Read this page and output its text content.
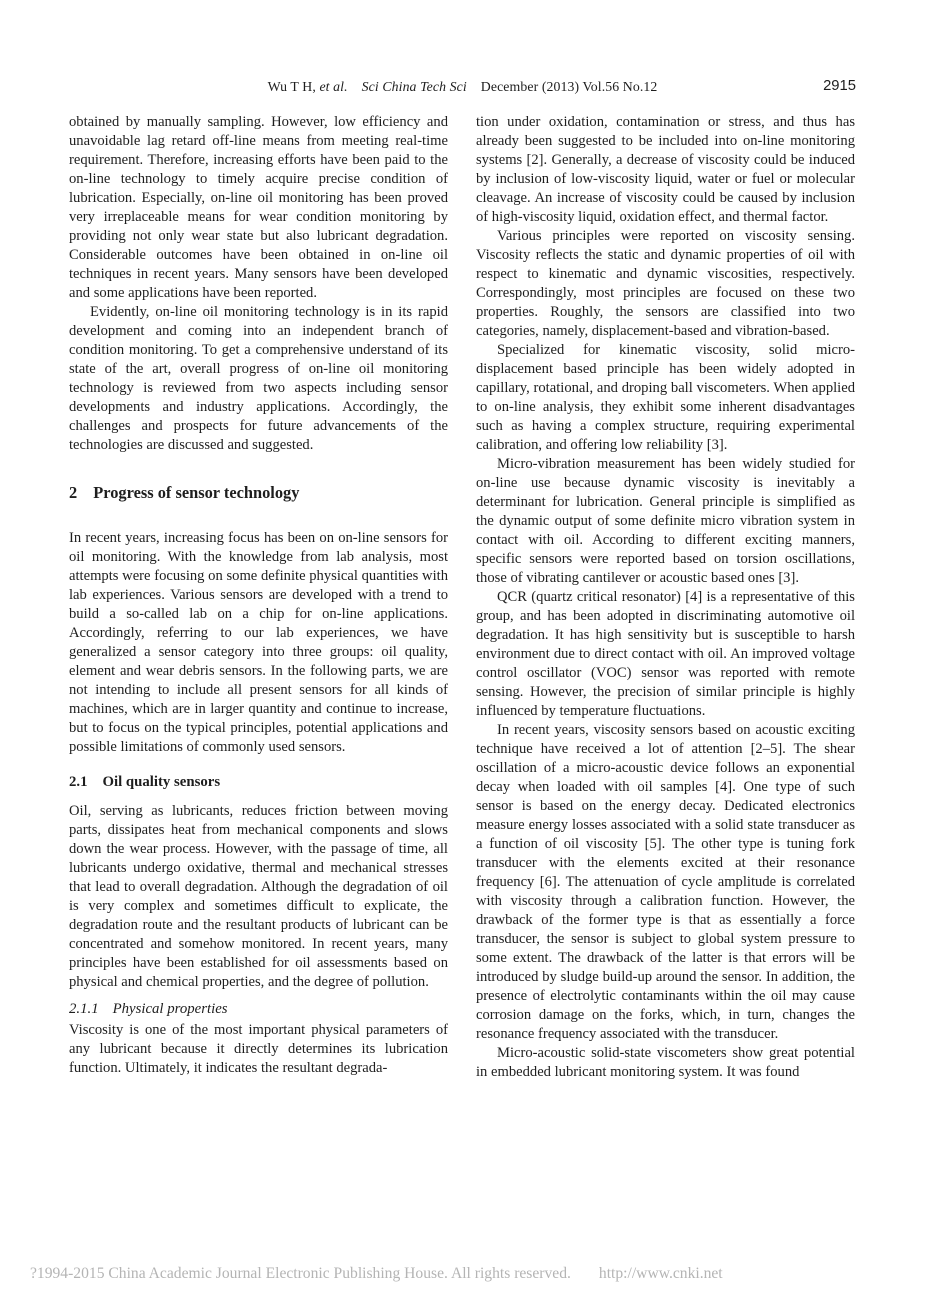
Wu T H, et al. Sci China Tech Sci December (2013) Vol.56 No.12	2915

obtained by manually sampling. However, low efficiency and unavoidable lag retard off-line means from meeting real-time requirement. Therefore, increasing efforts have been paid to the on-line technology to timely acquire precise condition of lubrication. Especially, on-line oil monitoring has been proved very irreplaceable means for wear condition monitoring by providing not only wear state but also lubricant degradation. Considerable outcomes have been obtained in on-line oil techniques in recent years. Many sensors have been developed and some applications have been reported.

Evidently, on-line oil monitoring technology is in its rapid development and coming into an independent branch of condition monitoring. To get a comprehensive understand of its state of the art, overall progress of on-line oil monitoring technology is reviewed from two aspects including sensor developments and industry applications. Accordingly, the challenges and prospects for future advancements of the technologies are discussed and suggested.

2 Progress of sensor technology

In recent years, increasing focus has been on on-line sensors for oil monitoring. With the knowledge from lab analysis, most attempts were focusing on some definite physical quantities with lab experiences. Various sensors are developed with a trend to build a so-called lab on a chip for on-line applications. Accordingly, referring to our lab experiences, we have generalized a sensor category into three groups: oil quality, element and wear debris sensors. In the following parts, we are not intending to include all present sensors for all kinds of machines, which are in larger quantity and continue to increase, but to focus on the typical principles, potential applications and possible limitations of commonly used sensors.

2.1 Oil quality sensors

Oil, serving as lubricants, reduces friction between moving parts, dissipates heat from mechanical components and slows down the wear process. However, with the passage of time, all lubricants undergo oxidative, thermal and mechanical stresses that lead to overall degradation. Although the degradation of oil is very complex and sometimes difficult to explicate, the degradation route and the resultant products of lubricant can be concentrated and somehow monitored. In recent years, many principles have been established for oil assessments based on physical and chemical properties, and the degree of pollution.

2.1.1 Physical properties

Viscosity is one of the most important physical parameters of any lubricant because it directly determines its lubrication function. Ultimately, it indicates the resultant degrada-

tion under oxidation, contamination or stress, and thus has already been suggested to be included into on-line monitoring systems [2]. Generally, a decrease of viscosity could be induced by inclusion of low-viscosity liquid, water or fuel or molecular cleavage. An increase of viscosity could be caused by inclusion of high-viscosity liquid, oxidation effect, and thermal factor.

Various principles were reported on viscosity sensing. Viscosity reflects the static and dynamic properties of oil with respect to kinematic and dynamic viscosities, respectively. Correspondingly, most principles are focused on these two properties. Roughly, the sensors are classified into two categories, namely, displacement-based and vibration-based.

Specialized for kinematic viscosity, solid micro-displacement based principle has been widely adopted in capillary, rotational, and droping ball viscometers. When applied to on-line analysis, they exhibit some inherent disadvantages such as having a complex structure, requiring experimental calibration, and offering low reliability [3].

Micro-vibration measurement has been widely studied for on-line use because dynamic viscosity is inevitably a determinant for lubrication. General principle is simplified as the dynamic output of some definite micro vibration system in contact with oil. According to different exciting manners, specific sensors were reported based on torsion oscillations, those of vibrating cantilever or acoustic based ones [3].

QCR (quartz critical resonator) [4] is a representative of this group, and has been adopted in discriminating automotive oil degradation. It has high sensitivity but is susceptible to harsh environment due to direct contact with oil. An improved voltage control oscillator (VOC) sensor was reported with remote sensing. However, the precision of similar principle is highly influenced by temperature fluctuations.

In recent years, viscosity sensors based on acoustic exciting technique have received a lot of attention [2–5]. The shear oscillation of a micro-acoustic device follows an exponential decay when loaded with oil samples [4]. One type of such sensor is based on the energy decay. Dedicated electronics measure energy losses associated with a solid state transducer as a function of oil viscosity [5]. The other type is tuning fork transducer with the elements excited at their resonance frequency [6]. The attenuation of cycle amplitude is correlated with viscosity through a calibration function. However, the drawback of the former type is that as essentially a force transducer, the sensor is subject to global system pressure to some extent. The drawback of the latter is that errors will be introduced by sludge build-up around the sensor. In addition, the presence of electrolytic contaminants within the oil may cause corrosion damage on the forks, which, in turn, changes the resonance frequency associated with the transducer.

Micro-acoustic solid-state viscometers show great potential in embedded lubricant monitoring system. It was found

?1994-2015 China Academic Journal Electronic Publishing House. All rights reserved. http://www.cnki.net
